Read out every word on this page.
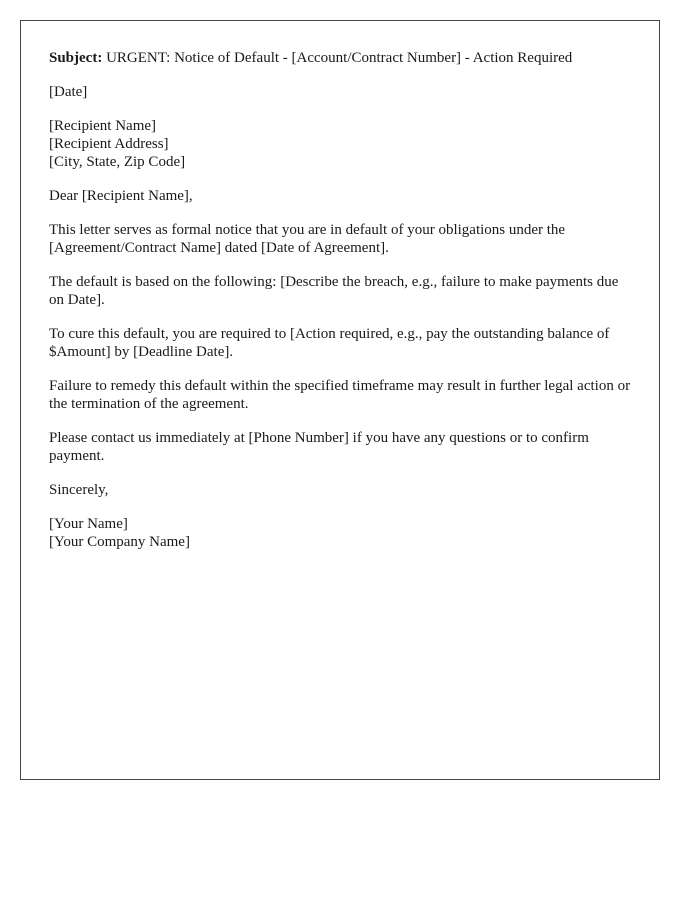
Subject: URGENT: Notice of Default - [Account/Contract Number] - Action Required

[Date]

[Recipient Name]
[Recipient Address]
[City, State, Zip Code]

Dear [Recipient Name],

This letter serves as formal notice that you are in default of your obligations under the [Agreement/Contract Name] dated [Date of Agreement].

The default is based on the following: [Describe the breach, e.g., failure to make payments due on Date].

To cure this default, you are required to [Action required, e.g., pay the outstanding balance of $Amount] by [Deadline Date].

Failure to remedy this default within the specified timeframe may result in further legal action or the termination of the agreement.

Please contact us immediately at [Phone Number] if you have any questions or to confirm payment.

Sincerely,

[Your Name]
[Your Company Name]
